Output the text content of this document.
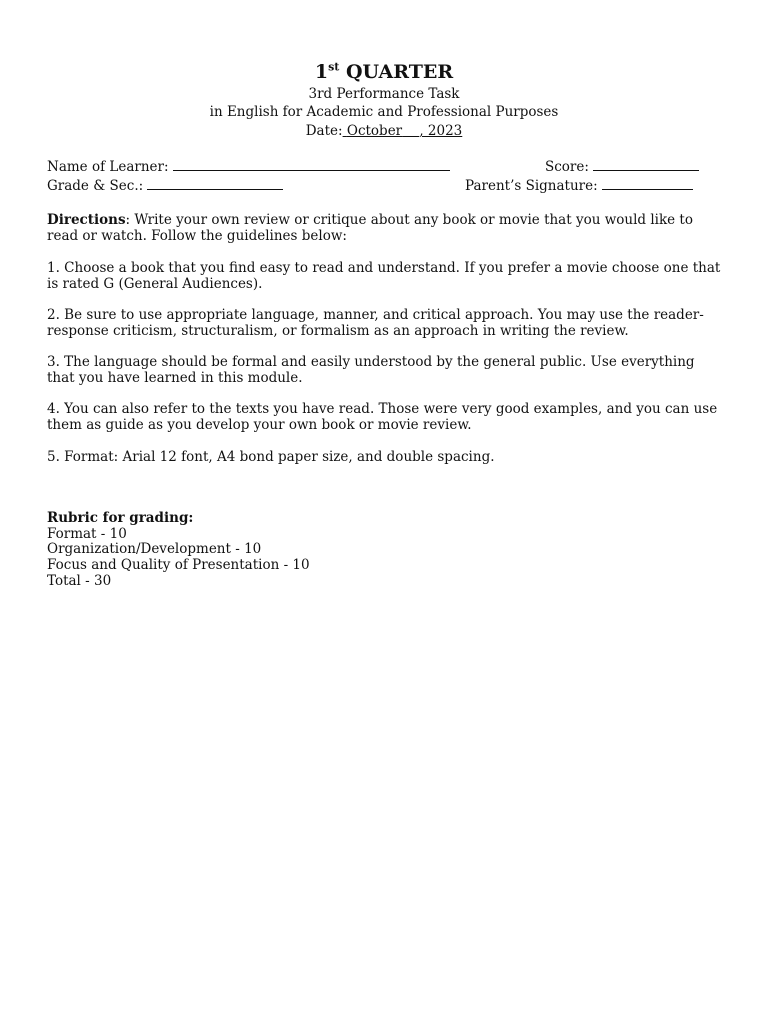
1st QUARTER
3rd Performance Task
in English for Academic and Professional Purposes
Date: October , 2023
Name of Learner:	Score:
Grade & Sec.:	Parent’s Signature:
Directions: Write your own review or critique about any book or movie that you would like to read or watch. Follow the guidelines below:
1. Choose a book that you find easy to read and understand. If you prefer a movie choose one that is rated G (General Audiences).
2. Be sure to use appropriate language, manner, and critical approach. You may use the reader-response criticism, structuralism, or formalism as an approach in writing the review.
3. The language should be formal and easily understood by the general public. Use everything that you have learned in this module.
4. You can also refer to the texts you have read. Those were very good examples, and you can use them as guide as you develop your own book or movie review.
5. Format: Arial 12 font, A4 bond paper size, and double spacing.
Rubric for grading:
Format - 10
Organization/Development - 10
Focus and Quality of Presentation - 10
Total - 30
